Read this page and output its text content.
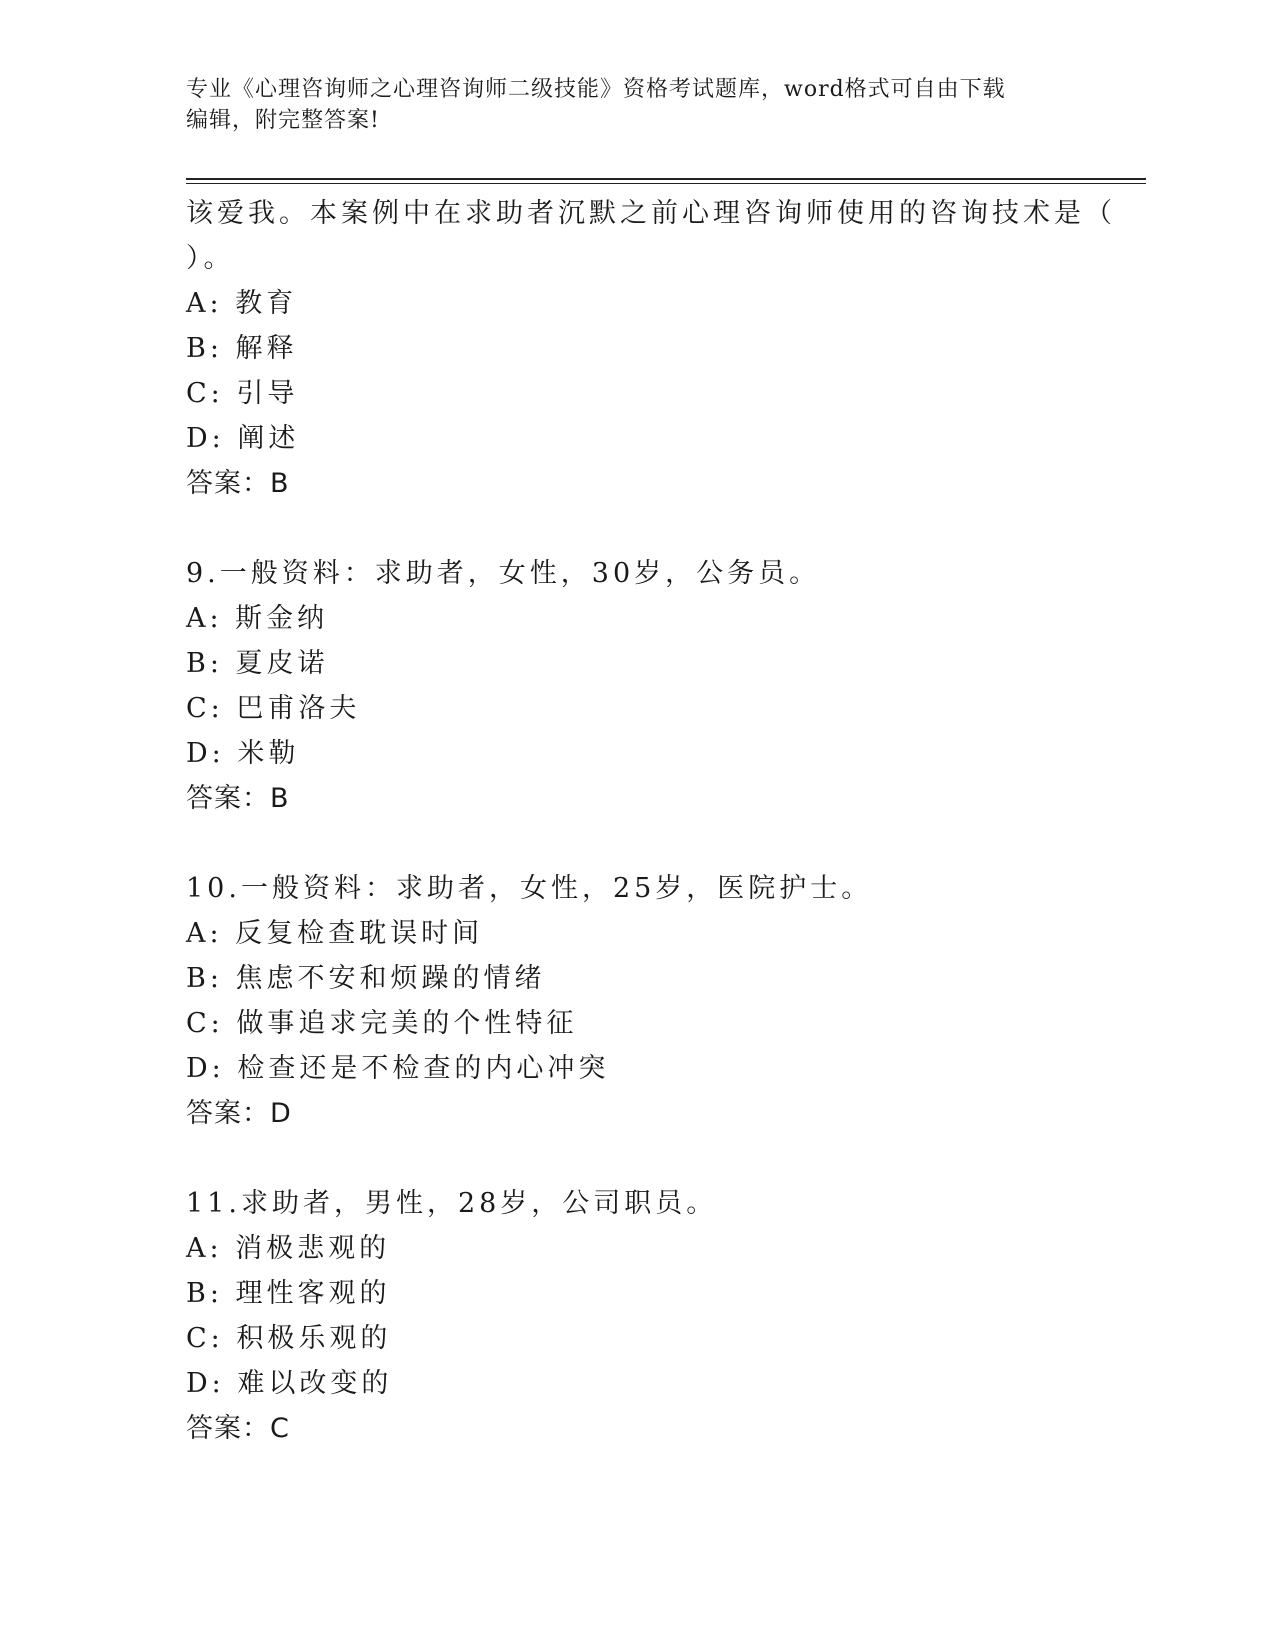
专业《心理咨询师之心理咨询师二级技能》资格考试题库，word格式可自由下载
编辑，附完整答案!
该爱我。本案例中在求助者沉默之前心理咨询师使用的咨询技术是（
）。
A: 教育
B: 解释
C: 引导
D: 阐述
答案：B
9.一般资料：求助者，女性，30岁，公务员。
A: 斯金纳
B: 夏皮诺
C: 巴甫洛夫
D: 米勒
答案：B
10.一般资料：求助者，女性，25岁，医院护士。
A: 反复检查耽误时间
B: 焦虑不安和烦躁的情绪
C: 做事追求完美的个性特征
D: 检查还是不检查的内心冲突
答案：D
11.求助者，男性，28岁，公司职员。
A: 消极悲观的
B: 理性客观的
C: 积极乐观的
D: 难以改变的
答案：C
